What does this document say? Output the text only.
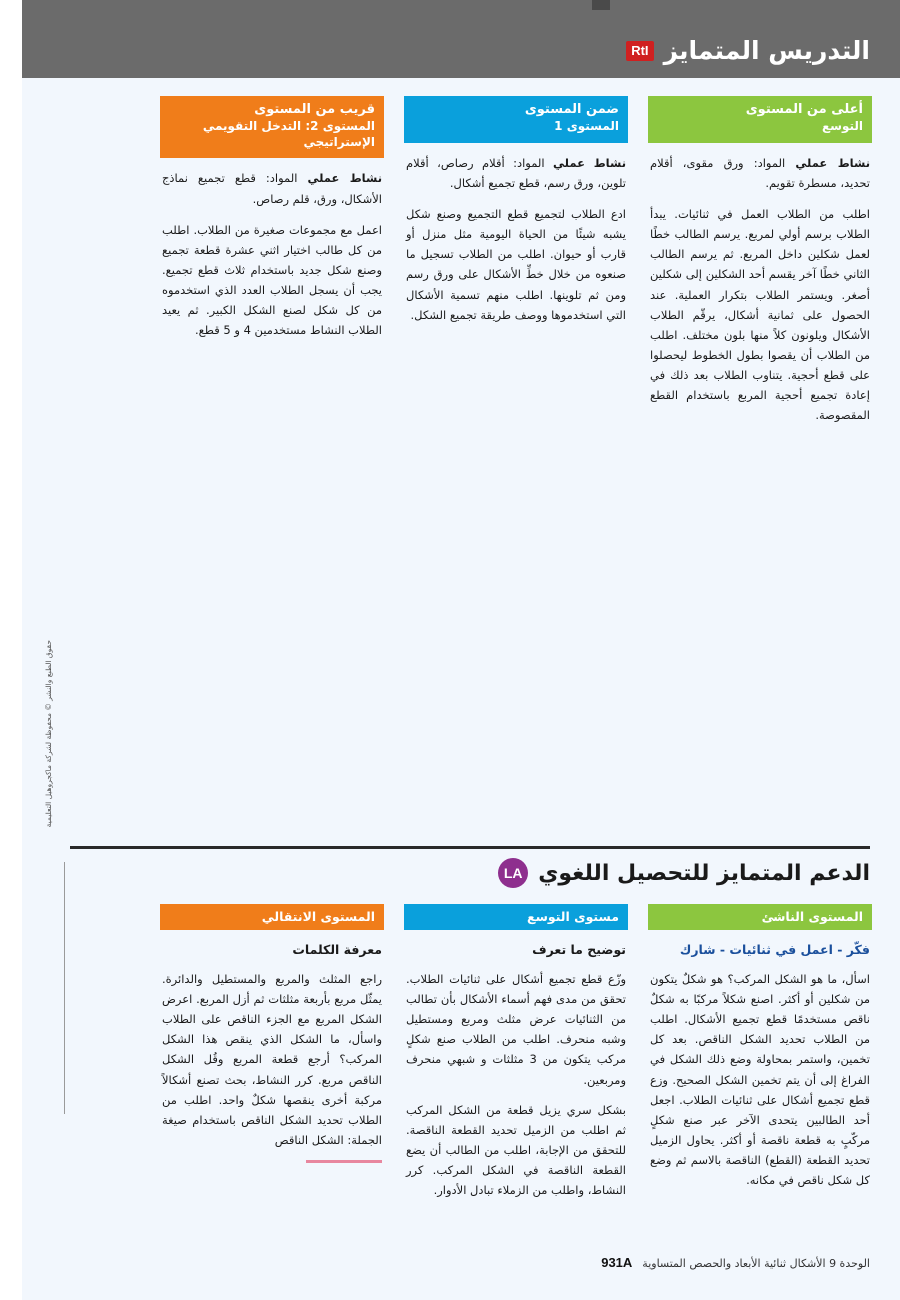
التدريس المتمايز
RtI
أعلى من المستوى
التوسع

نشاط عملي المواد: ورق مقوى، أقلام تحديد، مسطرة تقويم.

اطلب من الطلاب العمل في ثنائيات. يبدأ الطلاب برسم أولي لمربع. يرسم الطالب خطًا لعمل شكلين داخل المربع. ثم يرسم الطالب الثاني خطًا آخر يقسم أحد الشكلين إلى شكلين أصغر. ويستمر الطلاب بتكرار العملية. عند الحصول على ثمانية أشكال، يرقّم الطلاب الأشكال ويلونون كلاً منها بلون مختلف. اطلب من الطلاب أن يقصوا بطول الخطوط ليحصلوا على قطع أحجية. يتناوب الطلاب بعد ذلك في إعادة تجميع أحجية المربع باستخدام القطع المقصوصة.

ضمن المستوى
المستوى 1

نشاط عملي المواد: أقلام رصاص، أقلام تلوين، ورق رسم، قطع تجميع أشكال.

ادع الطلاب لتجميع قطع التجميع وصنع شكل يشبه شيئًا من الحياة اليومية مثل منزل أو قارب أو حيوان. اطلب من الطلاب تسجيل ما صنعوه من خلال خطِّ الأشكال على ورق رسم ومن ثم تلوينها. اطلب منهم تسمية الأشكال التي استخدموها ووصف طريقة تجميع الشكل.

قريب من المستوى
المستوى 2: التدخل التقويمي الإستراتيجي

نشاط عملي المواد: قطع تجميع نماذج الأشكال، ورق، قلم رصاص.

اعمل مع مجموعات صغيرة من الطلاب. اطلب من كل طالب اختيار اثني عشرة قطعة تجميع وصنع شكل جديد باستخدام ثلاث قطع تجميع. يجب أن يسجل الطلاب العدد الذي استخدموه من كل شكل لصنع الشكل الكبير. ثم يعيد الطلاب النشاط مستخدمين 4 و 5 قطع.

الدعم المتمايز للتحصيل اللغوي
LA
المستوى الناشئ

فكّر - اعمل في ثنائيات - شارك

اسأل، ما هو الشكل المركب؟ هو شكلٌ يتكون من شكلين أو أكثر. اصنع شكلاً مركبًا به شكلٌ ناقص مستخدمًا قطع تجميع الأشكال. اطلب من الطلاب تحديد الشكل الناقص. بعد كل تخمين، واستمر بمحاولة وضع ذلك الشكل في الفراغ إلى أن يتم تخمين الشكل الصحيح. وزع قطع تجميع أشكال على ثنائيات الطلاب. اجعل أحد الطالبين يتحدى الآخر عبر صنع شكلٍ مركّبٍ به قطعة ناقصة أو أكثر. يحاول الزميل تحديد القطعة (القطع) الناقصة بالاسم ثم وضع كل شكل ناقص في مكانه.

مستوى التوسع

توضيح ما تعرف

وزّع قطع تجميع أشكال على ثنائيات الطلاب. تحقق من مدى فهم أسماء الأشكال بأن تطالب من الثنائيات عرض مثلث ومربع ومستطيل وشبه منحرف. اطلب من الطلاب صنع شكلٍ مركب يتكون من 3 مثلثات و شبهي منحرف ومربعين.

بشكل سري يزيل قطعة من الشكل المركب ثم اطلب من الزميل تحديد القطعة الناقصة. للتحقق من الإجابة، اطلب من الطالب أن يضع القطعة الناقصة في الشكل المركب. كرر النشاط، واطلب من الزملاء تبادل الأدوار.

المستوى الانتقالي

معرفة الكلمات

راجع المثلث والمربع والمستطيل والدائرة. يمثّل مربع بأربعة مثلثات ثم أزل المربع. اعرض الشكل المربع مع الجزء الناقص على الطلاب واسأل، ما الشكل الذي ينقص هذا الشكل المركب؟ أرجع قطعة المربع وقُل الشكل الناقص مربع. كرر النشاط، بحث تصنع أشكالاً مركبة أخرى ينقصها شكلٌ واحد. اطلب من الطلاب تحديد الشكل الناقص باستخدام صيغة الجملة: الشكل الناقص

حقوق الطبع والنشر © محفوظة لشركة ماكجروهيل التعليمية
الوحدة 9 الأشكال ثنائية الأبعاد والحصص المتساوية
931A
